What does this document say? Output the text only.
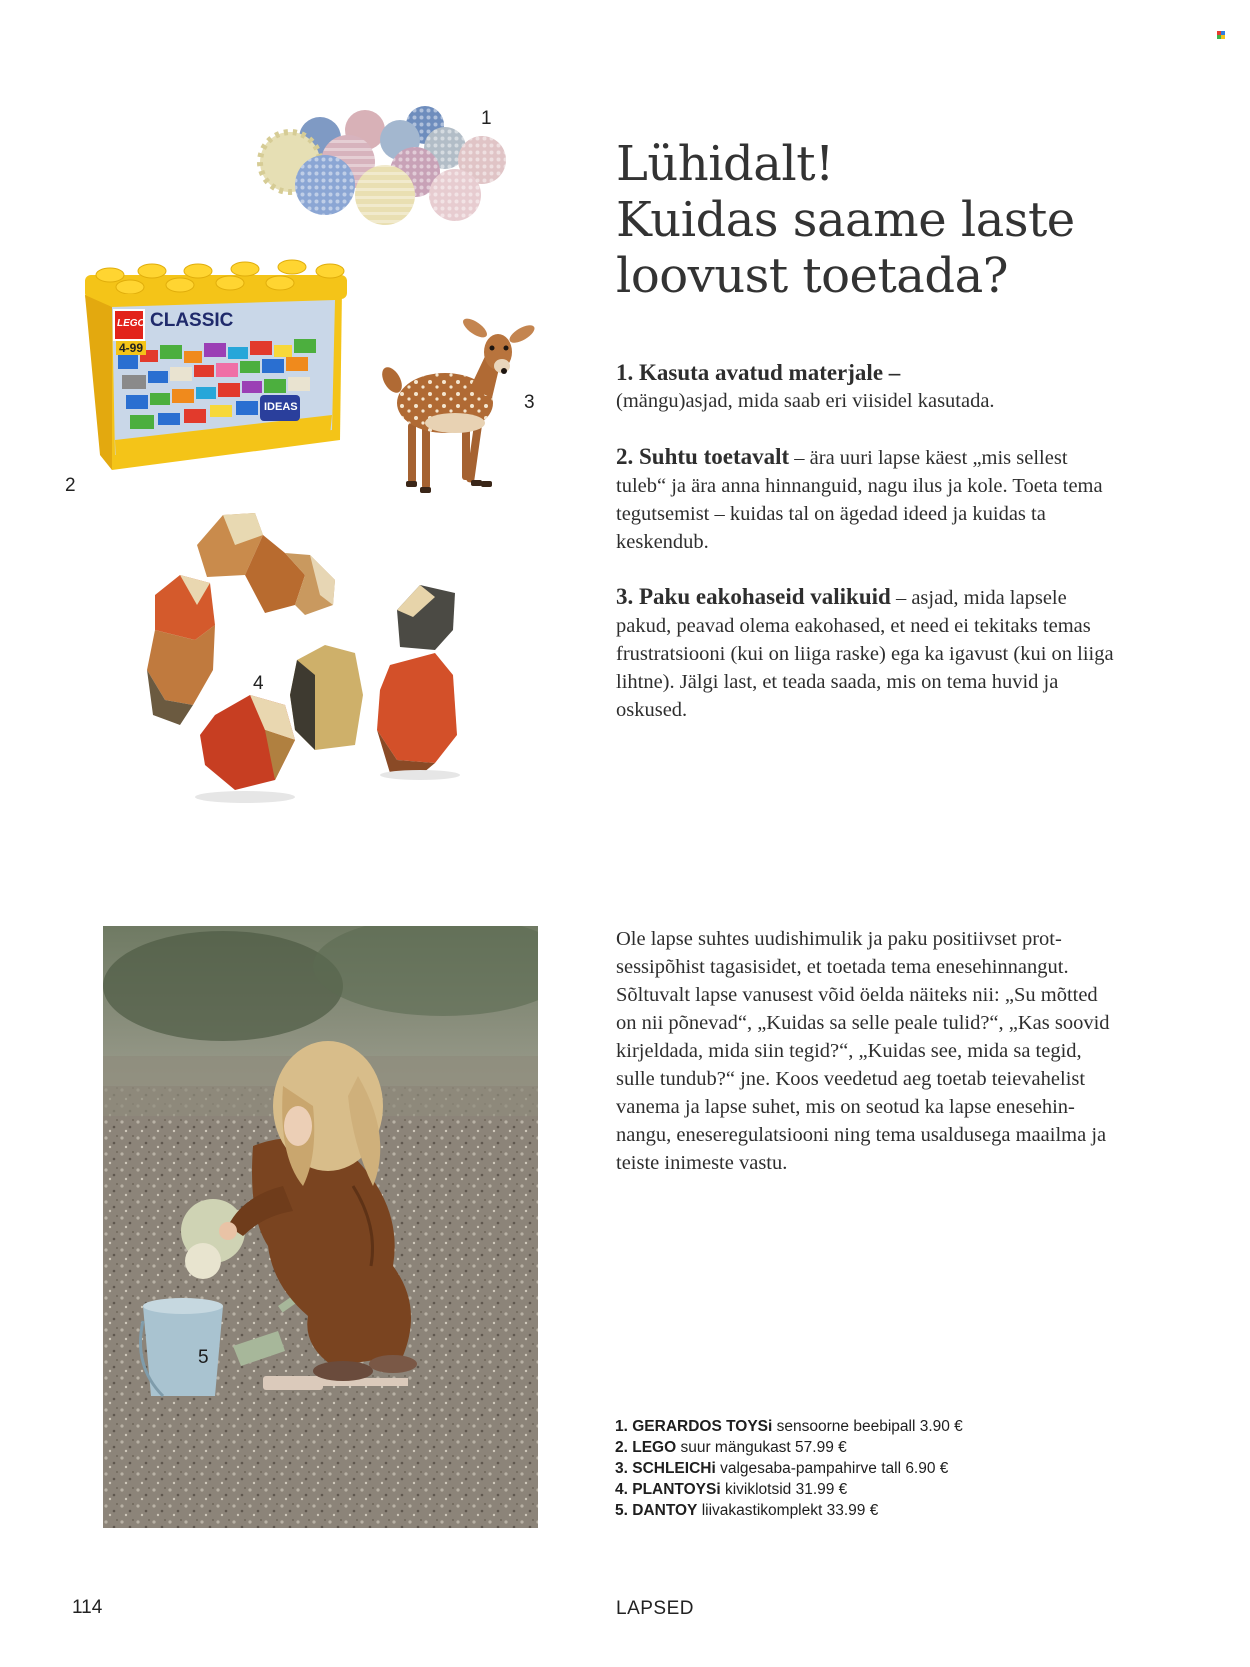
1
LEGO CLASSIC
4-99
IDEAS
2
3
4
Lühidalt!
Kuidas saame laste
loovust toetada?
1. Kasuta avatud materjale –
(mängu)asjad, mida saab eri viisidel kasutada.
2. Suhtu toetavalt – ära uuri lapse käest „mis sellest tuleb“ ja ära anna hinnanguid, nagu ilus ja kole. Toeta tema tegutsemist – kuidas tal on ägedad ideed ja kuidas ta keskendub.
3. Paku eakohaseid valikuid – asjad, mida lapsele pakud, peavad olema eakohased, et need ei tekitaks temas frustratsiooni (kui on liiga raske) ega ka igavust (kui on liiga lihtne). Jälgi last, et teada saada, mis on tema huvid ja oskused.
5
Ole lapse suhtes uudishimulik ja paku positiivset protsessipõhist tagasisidet, et toetada tema enesehinnangut. Sõltuvalt lapse vanusest võid öelda näiteks nii: „Su mõtted on nii põnevad“, „Kuidas sa selle peale tulid?“, „Kas soovid kirjeldada, mida siin tegid?“, „Kuidas see, mida sa tegid, sulle tundub?“ jne. Koos veedetud aeg toetab teievahelist vanema ja lapse suhet, mis on seotud ka lapse enesehinnangu, eneseregulatsiooni ning tema usaldusega maailma ja teiste inimeste vastu.
1. GERARDOS TOYSi sensoorne beebipall 3.90 €
2. LEGO suur mängukast 57.99 €
3. SCHLEICHi valgesaba-pampahirve tall 6.90 €
4. PLANTOYSi kiviklotsid 31.99 €
5. DANTOY liivakastikomplekt 33.99 €
114	LAPSED
